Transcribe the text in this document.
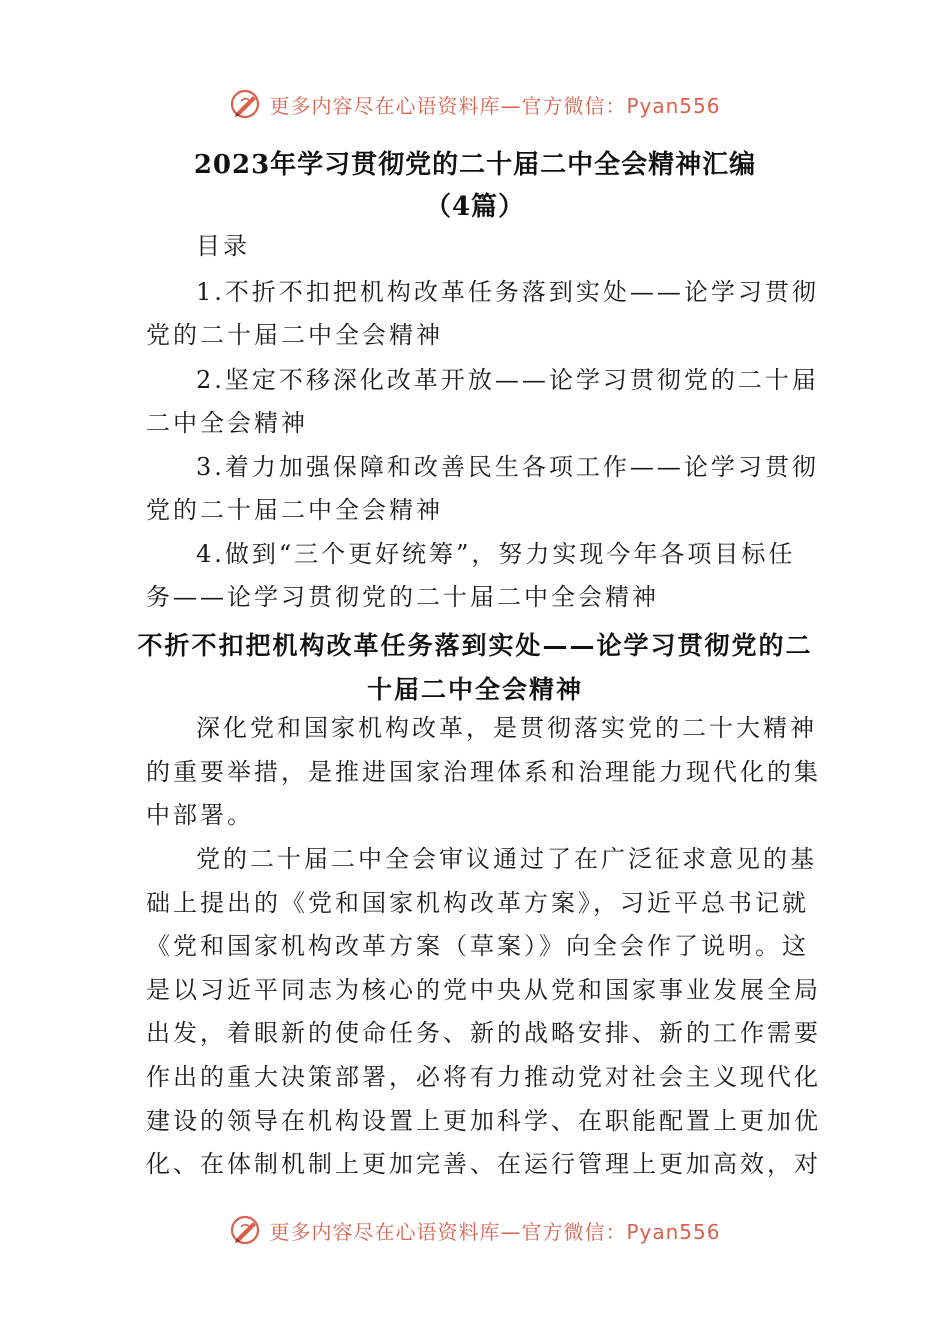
更多内容尽在心语资料库—官方微信：Pyan556
2023年学习贯彻党的二十届二中全会精神汇编
（4篇）
目录
1.不折不扣把机构改革任务落到实处——论学习贯彻
党的二十届二中全会精神
2.坚定不移深化改革开放——论学习贯彻党的二十届
二中全会精神
3.着力加强保障和改善民生各项工作——论学习贯彻
党的二十届二中全会精神
4.做到“三个更好统筹”，努力实现今年各项目标任
务——论学习贯彻党的二十届二中全会精神
不折不扣把机构改革任务落到实处——论学习贯彻党的二
十届二中全会精神
深化党和国家机构改革，是贯彻落实党的二十大精神
的重要举措，是推进国家治理体系和治理能力现代化的集
中部署。
党的二十届二中全会审议通过了在广泛征求意见的基
础上提出的《党和国家机构改革方案》，习近平总书记就
《党和国家机构改革方案（草案）》向全会作了说明。这
是以习近平同志为核心的党中央从党和国家事业发展全局
出发，着眼新的使命任务、新的战略安排、新的工作需要
作出的重大决策部署，必将有力推动党对社会主义现代化
建设的领导在机构设置上更加科学、在职能配置上更加优
化、在体制机制上更加完善、在运行管理上更加高效，对
更多内容尽在心语资料库—官方微信：Pyan556
